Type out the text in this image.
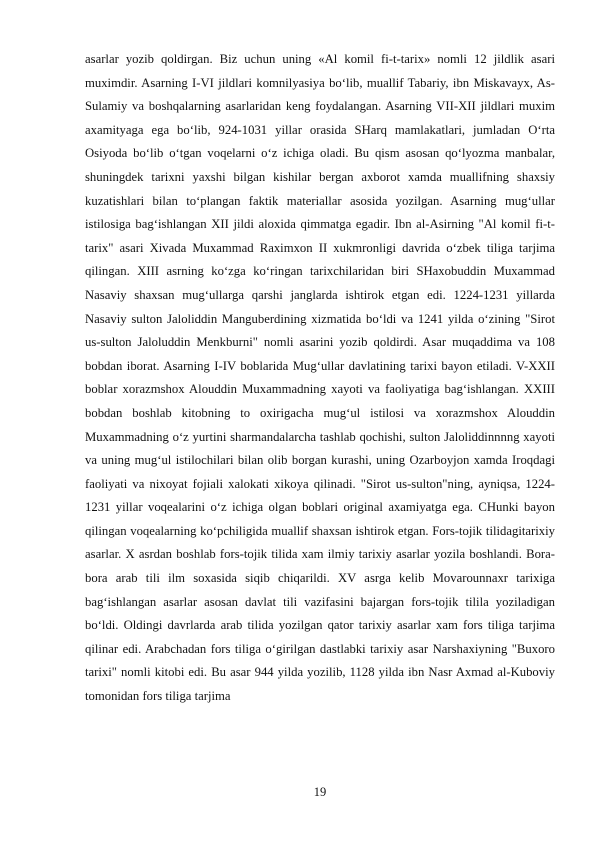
asarlar yozib qoldirgan. Biz uchun uning «Al komil fi-t-tarix» nomli 12 jildlik asari muximdir. Asarning I-VI jildlari komnilyasiya bo‘lib, muallif Tabariy, ibn Miskavayx, As-Sulamiy va boshqalarning asarlaridan keng foydalangan. Asarning VII-XII jildlari muxim axamityaga ega bo‘lib, 924-1031 yillar orasida SHarq mamlakatlari, jumladan O‘rta Osiyoda bo‘lib o‘tgan voqelarni o‘z ichiga oladi. Bu qism asosan qo‘lyozma manbalar, shuningdek tarixni yaxshi bilgan kishilar bergan axborot xamda muallifning shaxsiy kuzatishlari bilan to‘plangan faktik materiallar asosida yozilgan. Asarning mug‘ullar istilosiga bag‘ishlangan XII jildi aloxida qimmatga egadir. Ibn al-Asirning "Al komil fi-t-tarix" asari Xivada Muxammad Raximxon II xukmronligi davrida o‘zbek tiliga tarjima qilingan. XIII asrning ko‘zga ko‘ringan tarixchilaridan biri SHaxobuddin Muxammad Nasaviy shaxsan mug‘ullarga qarshi janglarda ishtirok etgan edi. 1224-1231 yillarda Nasaviy sulton Jaloliddin Manguberdining xizmatida bo‘ldi va 1241 yilda o‘zining "Sirot us-sulton Jaloluddin Menkburni" nomli asarini yozib qoldirdi. Asar muqaddima va 108 bobdan iborat. Asarning I-IV boblarida Mug‘ullar davlatining tarixi bayon etiladi. V-XXII boblar xorazmshox Alouddin Muxammadning xayoti va faoliyatiga bag‘ishlangan. XXIII bobdan boshlab kitobning to oxirigacha mug‘ul istilosi va xorazmshox Alouddin Muxammadning o‘z yurtini sharmandalarcha tashlab qochishi, sulton Jaloliddinnnng xayoti va uning mug‘ul istilochilari bilan olib borgan kurashi, uning Ozarboyjon xamda Iroqdagi faoliyati va nixoyat fojiali xalokati xikoya qilinadi. "Sirot us-sulton"ning, ayniqsa, 1224-1231 yillar voqealarini o‘z ichiga olgan boblari original axamiyatga ega. CHunki bayon qilingan voqealarning ko‘pchiligida muallif shaxsan ishtirok etgan. Fors-tojik tilidagitarixiy asarlar. X asrdan boshlab fors-tojik tilida xam ilmiy tarixiy asarlar yozila boshlandi. Bora-bora arab tili ilm soxasida siqib chiqarildi. XV asrga kelib Movarounnaxr tarixiga bag‘ishlangan asarlar asosan davlat tili vazifasini bajargan fors-tojik tilila yoziladigan bo‘ldi. Oldingi davrlarda arab tilida yozilgan qator tarixiy asarlar xam fors tiliga tarjima qilinar edi. Arabchadan fors tiliga o‘girilgan dastlabki tarixiy asar Narshaxiyning "Buxoro tarixi" nomli kitobi edi. Bu asar 944 yilda yozilib, 1128 yilda ibn Nasr Axmad al-Kuboviy tomonidan fors tiliga tarjima

19
